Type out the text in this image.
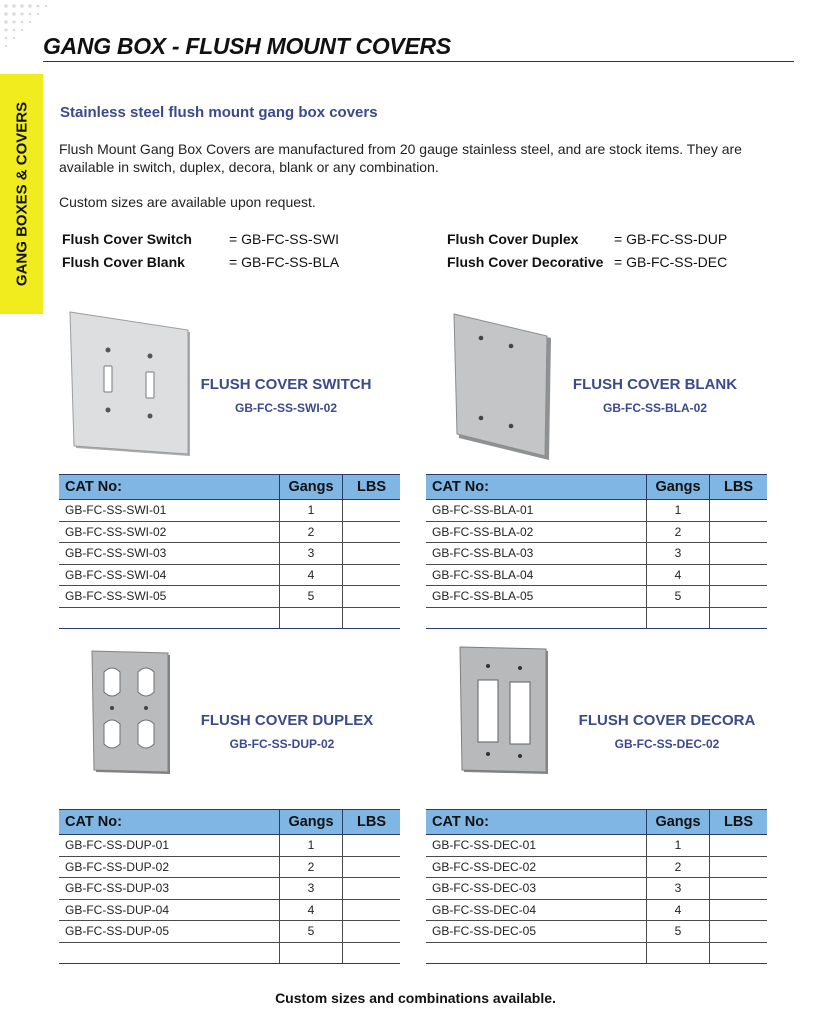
GANG BOX - FLUSH MOUNT COVERS
GANG BOXES & COVERS Stainless steel flush mount gang box covers
Flush Mount Gang Box Covers are manufactured from 20 gauge stainless steel, and are stock items. They are available in switch, duplex, decora, blank or any combination.
Custom sizes are available upon request.
Flush Cover Switch	= GB-FC-SS-SWI
Flush Cover Blank	= GB-FC-SS-BLA
Flush Cover Duplex	= GB-FC-SS-DUP
Flush Cover Decorative = GB-FC-SS-DEC
FLUSH COVER SWITCH
GB-FC-SS-SWI-02
FLUSH COVER BLANK
GB-FC-SS-BLA-02
CAT No:	Gangs	LBS
GB-FC-SS-SWI-01	1	
GB-FC-SS-SWI-02	2	
GB-FC-SS-SWI-03	3	
GB-FC-SS-SWI-04	4	
GB-FC-SS-SWI-05	5	

CAT No:	Gangs	LBS
GB-FC-SS-BLA-01	1	
GB-FC-SS-BLA-02	2	
GB-FC-SS-BLA-03	3	
GB-FC-SS-BLA-04	4	
GB-FC-SS-BLA-05	5	

FLUSH COVER DUPLEX
GB-FC-SS-DUP-02
FLUSH COVER DECORA
GB-FC-SS-DEC-02
CAT No:	Gangs	LBS
GB-FC-SS-DUP-01	1	
GB-FC-SS-DUP-02	2	
GB-FC-SS-DUP-03	3	
GB-FC-SS-DUP-04	4	
GB-FC-SS-DUP-05	5	

CAT No:	Gangs	LBS
GB-FC-SS-DEC-01	1	
GB-FC-SS-DEC-02	2	
GB-FC-SS-DEC-03	3	
GB-FC-SS-DEC-04	4	
GB-FC-SS-DEC-05	5	

Custom sizes and combinations available.
